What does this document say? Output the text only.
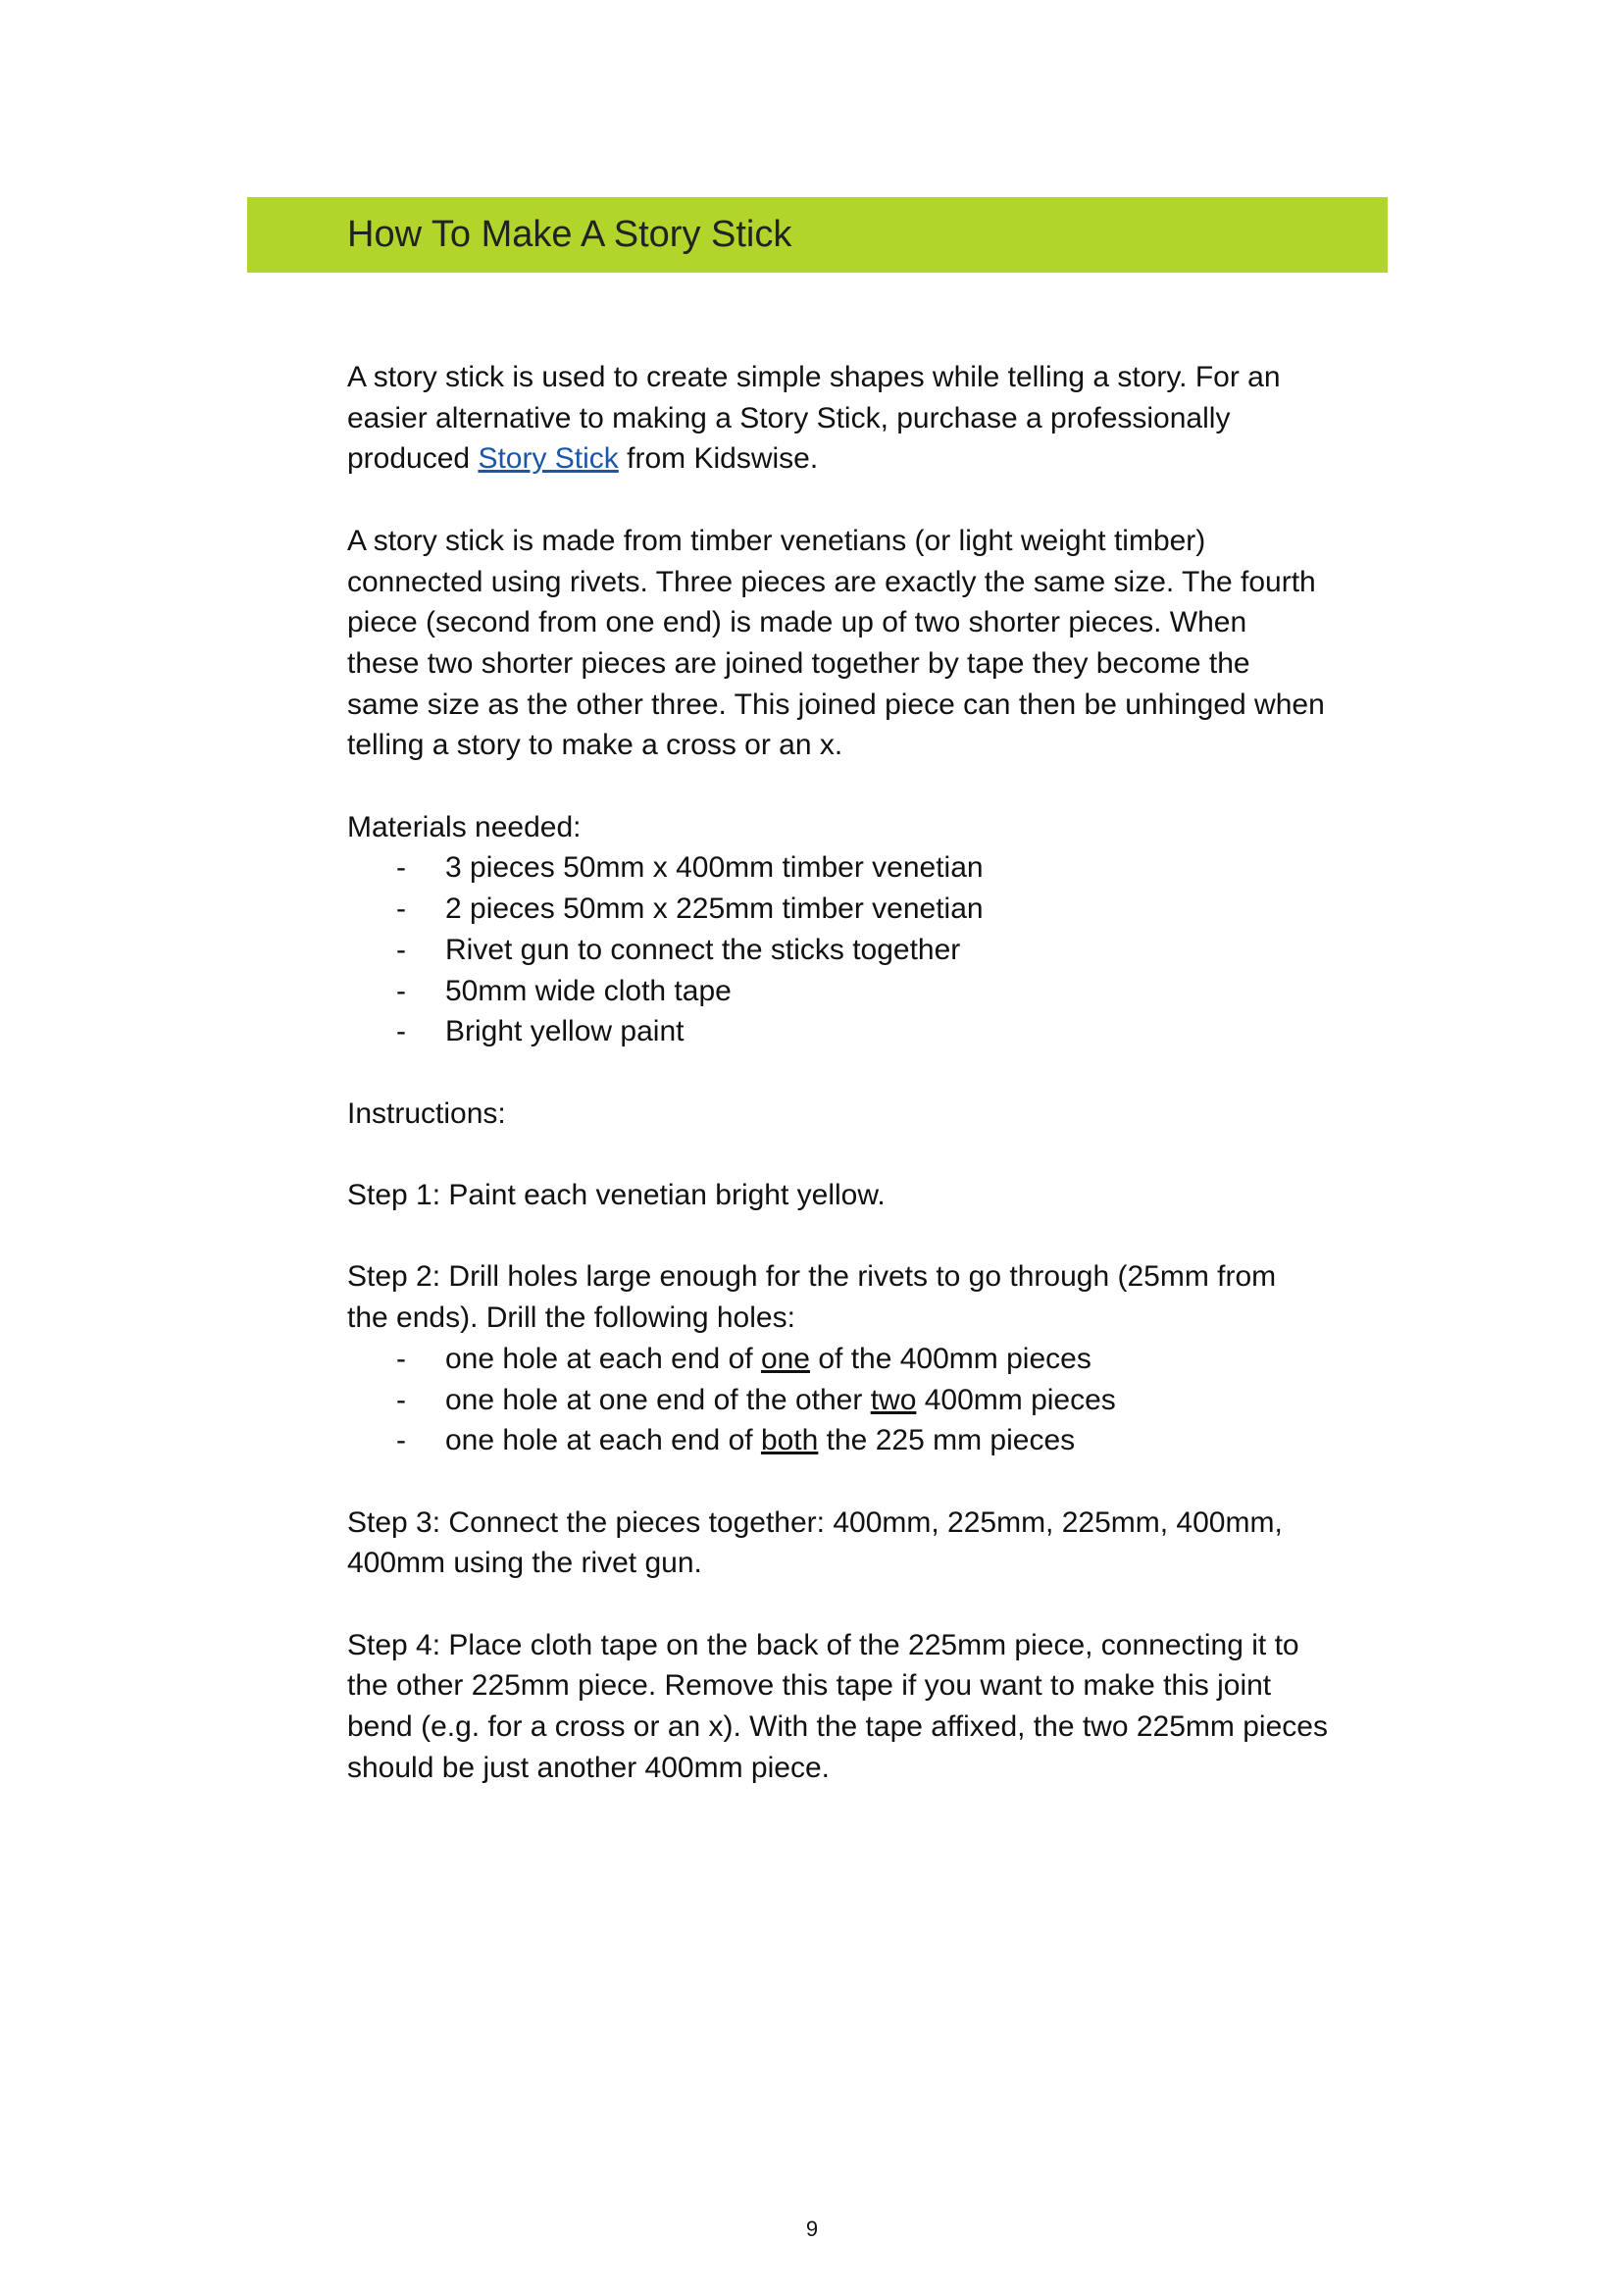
How To Make A Story Stick

A story stick is used to create simple shapes while telling a story. For an

easier alternative to making a Story Stick, purchase a professionally

produced Story Stick from Kidswise.

A story stick is made from timber venetians (or light weight timber)

connected using rivets. Three pieces are exactly the same size. The fourth

piece (second from one end) is made up of two shorter pieces. When

these two shorter pieces are joined together by tape they become the

same size as the other three. This joined piece can then be unhinged when

telling a story to make a cross or an x.

Materials needed:

- 3 pieces 50mm x 400mm timber venetian
- 2 pieces 50mm x 225mm timber venetian
- Rivet gun to connect the sticks together
- 50mm wide cloth tape
- Bright yellow paint

Instructions:

Step 1: Paint each venetian bright yellow.

Step 2: Drill holes large enough for the rivets to go through (25mm from

the ends). Drill the following holes:

- one hole at each end of one of the 400mm pieces
- one hole at one end of the other two 400mm pieces
- one hole at each end of both the 225 mm pieces

Step 3: Connect the pieces together: 400mm, 225mm, 225mm, 400mm,

400mm using the rivet gun.

Step 4: Place cloth tape on the back of the 225mm piece, connecting it to

the other 225mm piece. Remove this tape if you want to make this joint

bend (e.g. for a cross or an x). With the tape affixed, the two 225mm pieces

should be just another 400mm piece.

9
